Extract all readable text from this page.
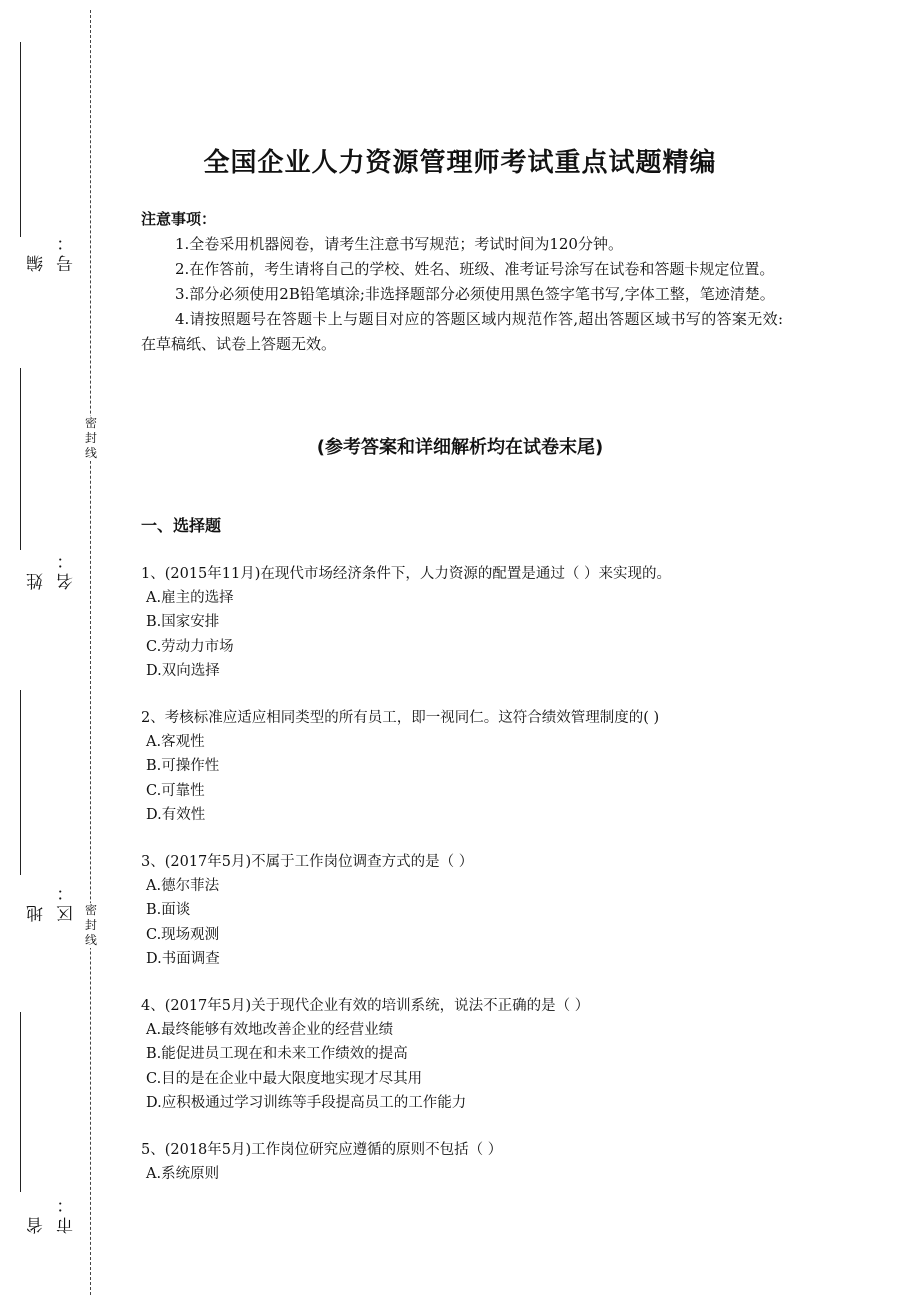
编号：
姓名：
地区：
省市：
密封线
密封线
全国企业人力资源管理师考试重点试题精编
注意事项：
1.全卷采用机器阅卷，请考生注意书写规范；考试时间为120分钟。
2.在作答前，考生请将自己的学校、姓名、班级、准考证号涂写在试卷和答题卡规定位置。
3.部分必须使用2B铅笔填涂;非选择题部分必须使用黑色签字笔书写,字体工整，笔迹清楚。
4.请按照题号在答题卡上与题目对应的答题区域内规范作答,超出答题区域书写的答案无效:在草稿纸、试卷上答题无效。
(参考答案和详细解析均在试卷末尾)
一、选择题
1、(2015年11月)在现代市场经济条件下，人力资源的配置是通过（ ）来实现的。
A.雇主的选择
B.国家安排
C.劳动力市场
D.双向选择
2、考核标准应适应相同类型的所有员工，即一视同仁。这符合绩效管理制度的( )
A.客观性
B.可操作性
C.可靠性
D.有效性
3、(2017年5月)不属于工作岗位调查方式的是（ ）
A.德尔菲法
B.面谈
C.现场观测
D.书面调查
4、(2017年5月)关于现代企业有效的培训系统，说法不正确的是（ ）
A.最终能够有效地改善企业的经营业绩
B.能促进员工现在和未来工作绩效的提高
C.目的是在企业中最大限度地实现才尽其用
D.应积极通过学习训练等手段提高员工的工作能力
5、(2018年5月)工作岗位研究应遵循的原则不包括（ ）
A.系统原则
